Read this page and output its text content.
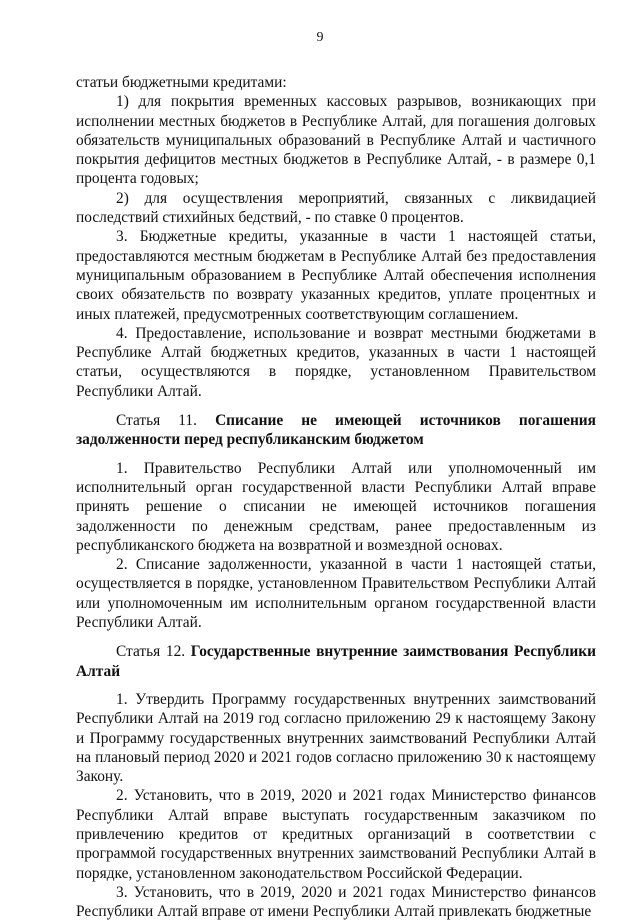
9

статьи бюджетными кредитами:

1) для покрытия временных кассовых разрывов, возникающих при исполнении местных бюджетов в Республике Алтай, для погашения долговых обязательств муниципальных образований в Республике Алтай и частичного покрытия дефицитов местных бюджетов в Республике Алтай, - в размере 0,1 процента годовых;

2) для осуществления мероприятий, связанных с ликвидацией последствий стихийных бедствий, - по ставке 0 процентов.

3. Бюджетные кредиты, указанные в части 1 настоящей статьи, предоставляются местным бюджетам в Республике Алтай без предоставления муниципальным образованием в Республике Алтай обеспечения исполнения своих обязательств по возврату указанных кредитов, уплате процентных и иных платежей, предусмотренных соответствующим соглашением.

4. Предоставление, использование и возврат местными бюджетами в Республике Алтай бюджетных кредитов, указанных в части 1 настоящей статьи, осуществляются в порядке, установленном Правительством Республики Алтай.

Статья 11. Списание не имеющей источников погашения задолженности перед республиканским бюджетом

1. Правительство Республики Алтай или уполномоченный им исполнительный орган государственной власти Республики Алтай вправе принять решение о списании не имеющей источников погашения задолженности по денежным средствам, ранее предоставленным из республиканского бюджета на возвратной и возмездной основах.

2. Списание задолженности, указанной в части 1 настоящей статьи, осуществляется в порядке, установленном Правительством Республики Алтай или уполномоченным им исполнительным органом государственной власти Республики Алтай.

Статья 12. Государственные внутренние заимствования Республики Алтай

1. Утвердить Программу государственных внутренних заимствований Республики Алтай на 2019 год согласно приложению 29 к настоящему Закону и Программу государственных внутренних заимствований Республики Алтай на плановый период 2020 и 2021 годов согласно приложению 30 к настоящему Закону.

2. Установить, что в 2019, 2020 и 2021 годах Министерство финансов Республики Алтай вправе выступать государственным заказчиком по привлечению кредитов от кредитных организаций в соответствии с программой государственных внутренних заимствований Республики Алтай в порядке, установленном законодательством Российской Федерации.

3. Установить, что в 2019, 2020 и 2021 годах Министерство финансов Республики Алтай вправе от имени Республики Алтай привлекать бюджетные
